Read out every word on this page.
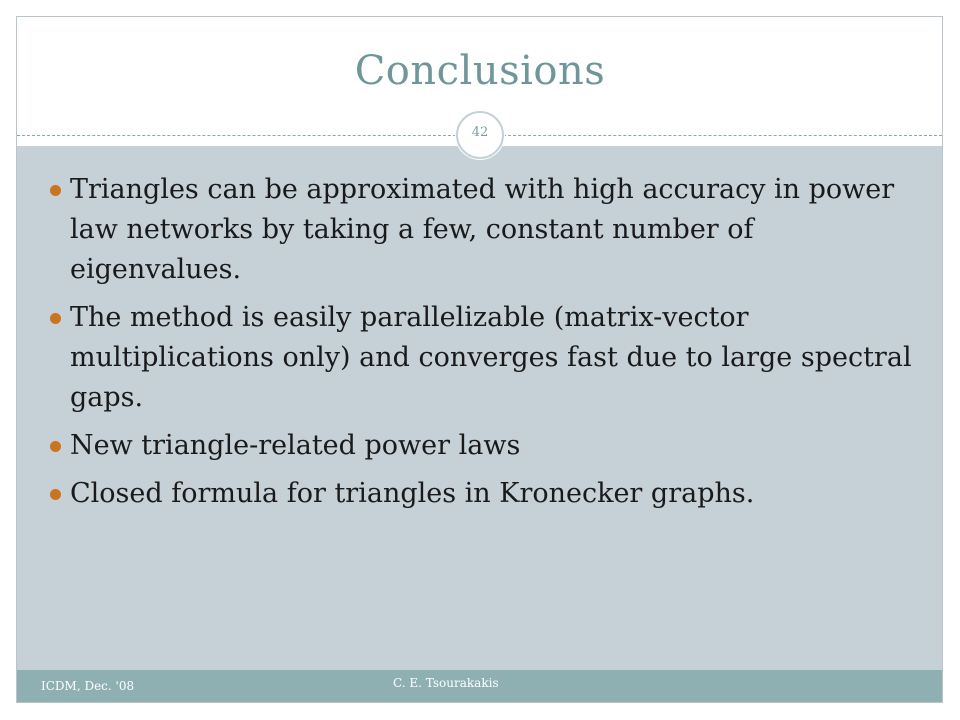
Conclusions
42
Triangles can be approximated with high accuracy in power law networks by taking a few, constant number of eigenvalues.
The method is easily parallelizable (matrix-vector multiplications only) and converges fast due to large spectral gaps.
New triangle-related power laws
Closed formula for triangles in Kronecker graphs.
ICDM, Dec. '08	C. E. Tsourakakis
